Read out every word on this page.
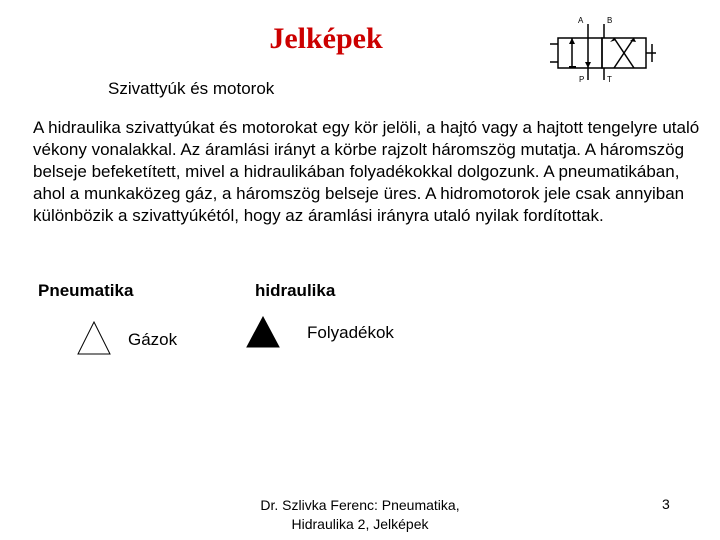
Jelképek
A	B
P	T
Szivattyúk és motorok
A hidraulika szivattyúkat és motorokat egy kör jelöli, a hajtó vagy a hajtott tengelyre utaló vékony vonalakkal. Az áramlási irányt a körbe rajzolt háromszög mutatja. A háromszög belseje befeketített, mivel a hidraulikában folyadékokkal dolgozunk. A pneumatikában, ahol a munkaközeg gáz, a háromszög belseje üres. A hidromotorok jele csak annyiban különbözik a szivattyúkétól, hogy az áramlási irányra utaló nyilak fordítottak.
Pneumatika	hidraulika
Gázok	Folyadékok
Dr. Szlivka Ferenc: Pneumatika,
Hidraulika 2, Jelképek
3
